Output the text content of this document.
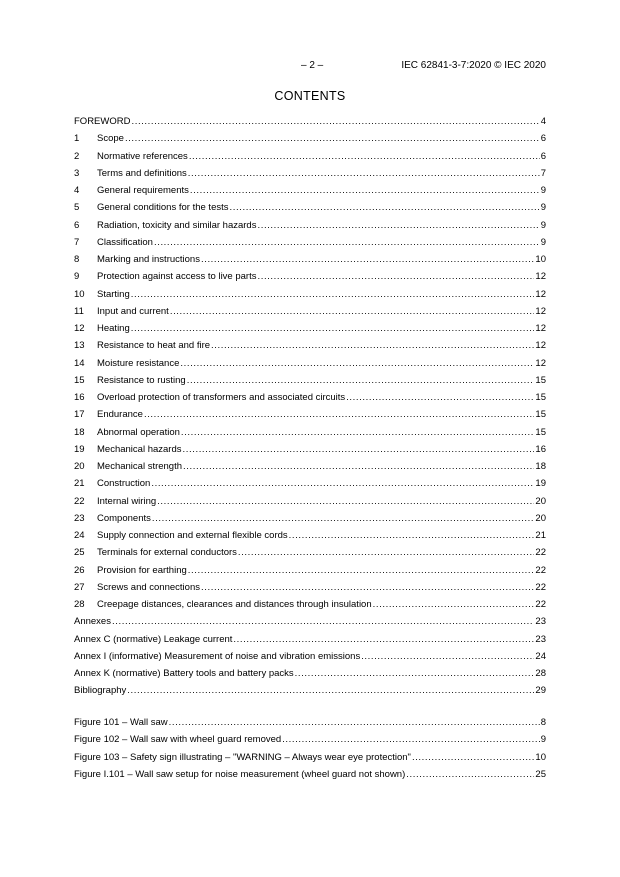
– 2 –	IEC 62841-3-7:2020 © IEC 2020
CONTENTS
FOREWORD .....	4
1	Scope .....	6
2	Normative references .....	6
3	Terms and definitions .....	7
4	General requirements .....	9
5	General conditions for the tests .....	9
6	Radiation, toxicity and similar hazards .....	9
7	Classification .....	9
8	Marking and instructions .....	10
9	Protection against access to live parts .....	12
10	Starting .....	12
11	Input and current .....	12
12	Heating .....	12
13	Resistance to heat and fire .....	12
14	Moisture resistance .....	12
15	Resistance to rusting .....	15
16	Overload protection of transformers and associated circuits .....	15
17	Endurance .....	15
18	Abnormal operation .....	15
19	Mechanical hazards .....	16
20	Mechanical strength .....	18
21	Construction .....	19
22	Internal wiring .....	20
23	Components .....	20
24	Supply connection and external flexible cords .....	21
25	Terminals for external conductors .....	22
26	Provision for earthing .....	22
27	Screws and connections .....	22
28	Creepage distances, clearances and distances through insulation .....	22
Annexes .....	23
Annex C (normative) Leakage current .....	23
Annex I (informative) Measurement of noise and vibration emissions .....	24
Annex K (normative) Battery tools and battery packs .....	28
Bibliography .....	29
Figure 101 – Wall saw .....	8
Figure 102 – Wall saw with wheel guard removed .....	9
Figure 103 – Safety sign illustrating – "WARNING – Always wear eye protection" .....	10
Figure I.101 – Wall saw setup for noise measurement (wheel guard not shown) .....	25
